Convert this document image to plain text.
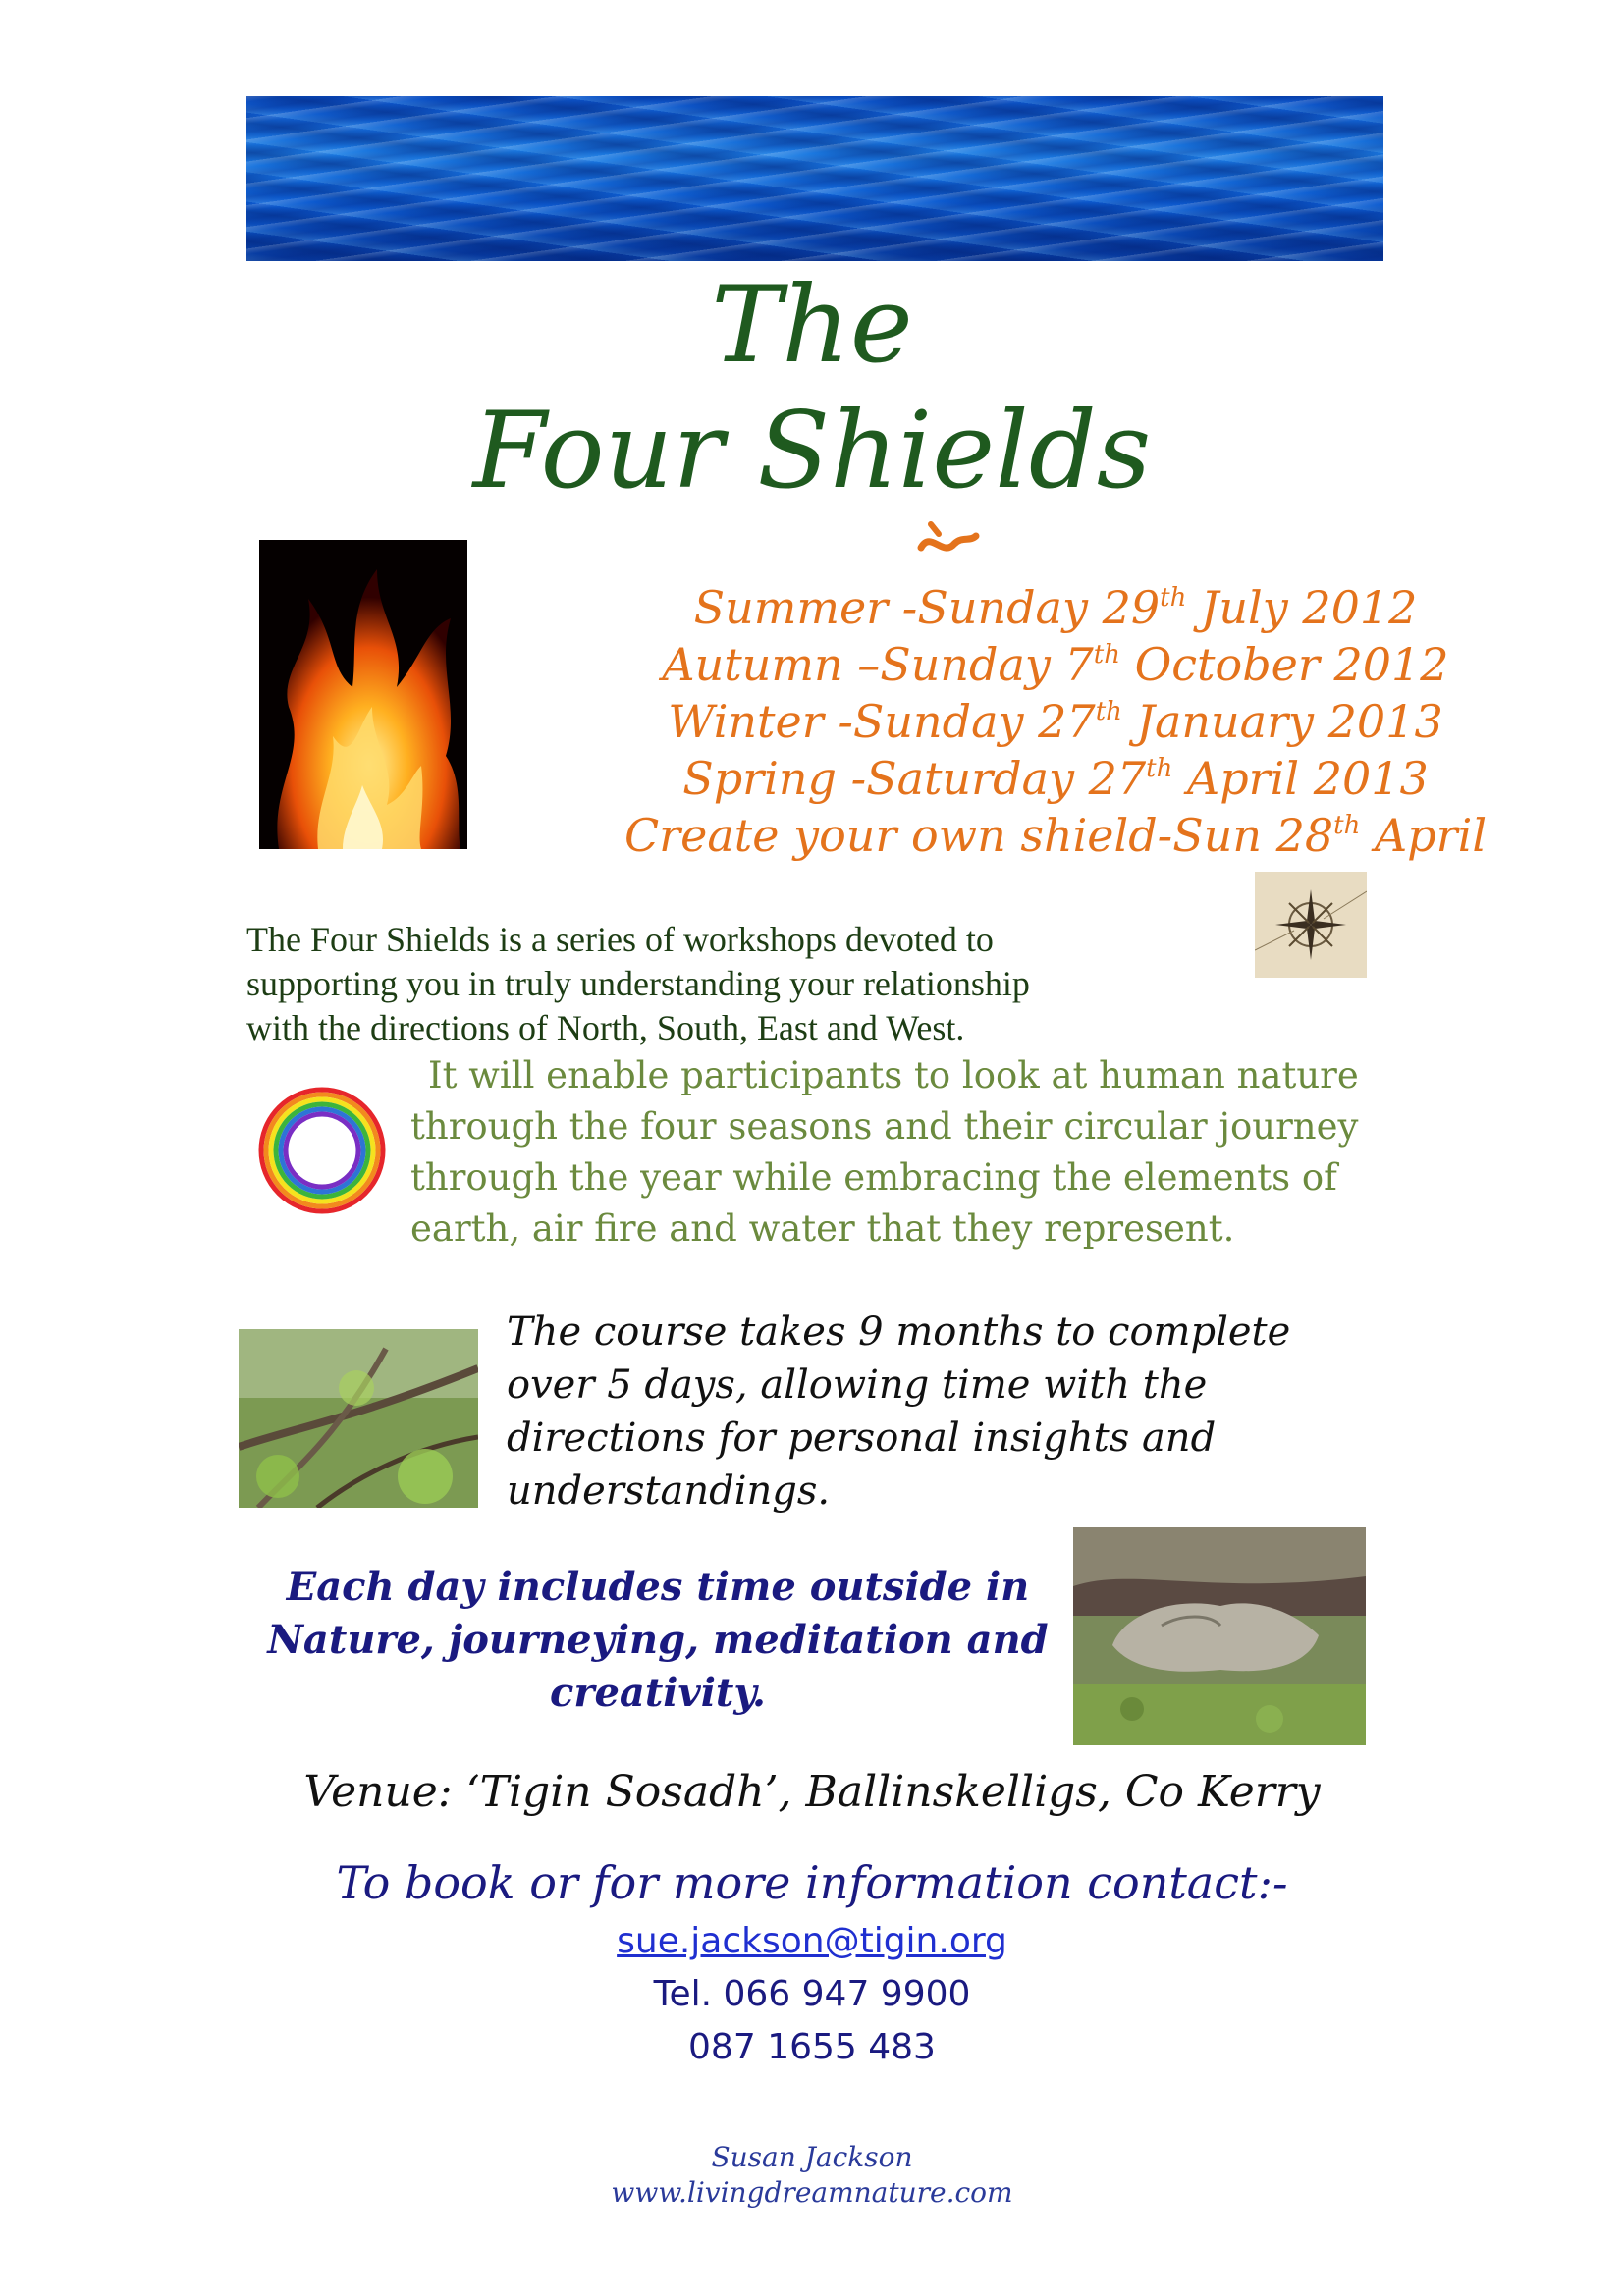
The
Four Shields
Summer -Sunday 29th July 2012
Autumn –Sunday 7th October 2012
Winter -Sunday 27th January 2013
Spring -Saturday 27th April 2013
Create your own shield-Sun 28th April
The Four Shields is a series of workshops devoted to
supporting you in truly understanding your relationship
with the directions of North, South, East and West.
It will enable participants to look at human nature
through the four seasons and their circular journey
through the year while embracing the elements of
earth, air fire and water that they represent.
The course takes 9 months to complete
over 5 days, allowing time with the
directions for personal insights and
understandings.
Each day includes time outside in
Nature, journeying, meditation and
creativity.
Venue: ‘Tigin Sosadh’, Ballinskelligs, Co Kerry
To book or for more information contact:-
sue.jackson@tigin.org
Tel. 066 947 9900
087 1655 483
Susan Jackson
www.livingdreamnature.com
